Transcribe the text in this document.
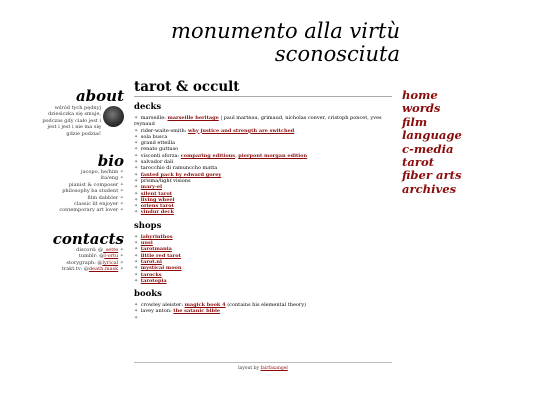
monumento alla virtù
sconosciuta
about
wśród tych pędnyj
dziesiczka się smuje,
podczas gdy ciało jest i
jest i jest i nie ma się
gdzie podziać
bio
jacopo, he/him ✦
ita/eng ✦
pianist & composer ✦
philosophy ba student ✦
film dabbler ✦
classic lit enjoyer ✦
contemporary art lover ✦
contacts
discord: @_sette ✦
tumblr: @l-ortu ✦
storygraph: @lyrical ✦
trakt.tv: @death.mask ✦
tarot & occult
decks
✦ marseille: marseille heritage | paul marteau, grimaud, nicholas conver, cristoph poncet, yves reynaud
✦ rider-waite-smith: why justice and strength are switched
✦ sola busca
✦ grand etteilla
✦ renato guttuso
✦ visconti sforza: comparing editions, pierpont morgan edition
✦ salvador dali
✦ tarocchio di ramunccho matta
✦ fanted pack by edward gorey
✦ prisma/light visions
✦ mary-el
✦ silent tarot
✦ living wheel
✦ oriens tarot
✦ vindur deck
shops
✦ labyrinthos
✦ uusi
✦ tarotmania
✦ little red tarot
✦ tarot.nl
✦ mystical moon
✦ tarocks
✦ tarotopia
books
✦ crowley aleister: magick book 4 (contains his elemental theory)
✦ lavey anton: the satanic bible
✦
home
words
film
language
c-media
tarot
fiber arts
archives
layout by fairfaxangel
